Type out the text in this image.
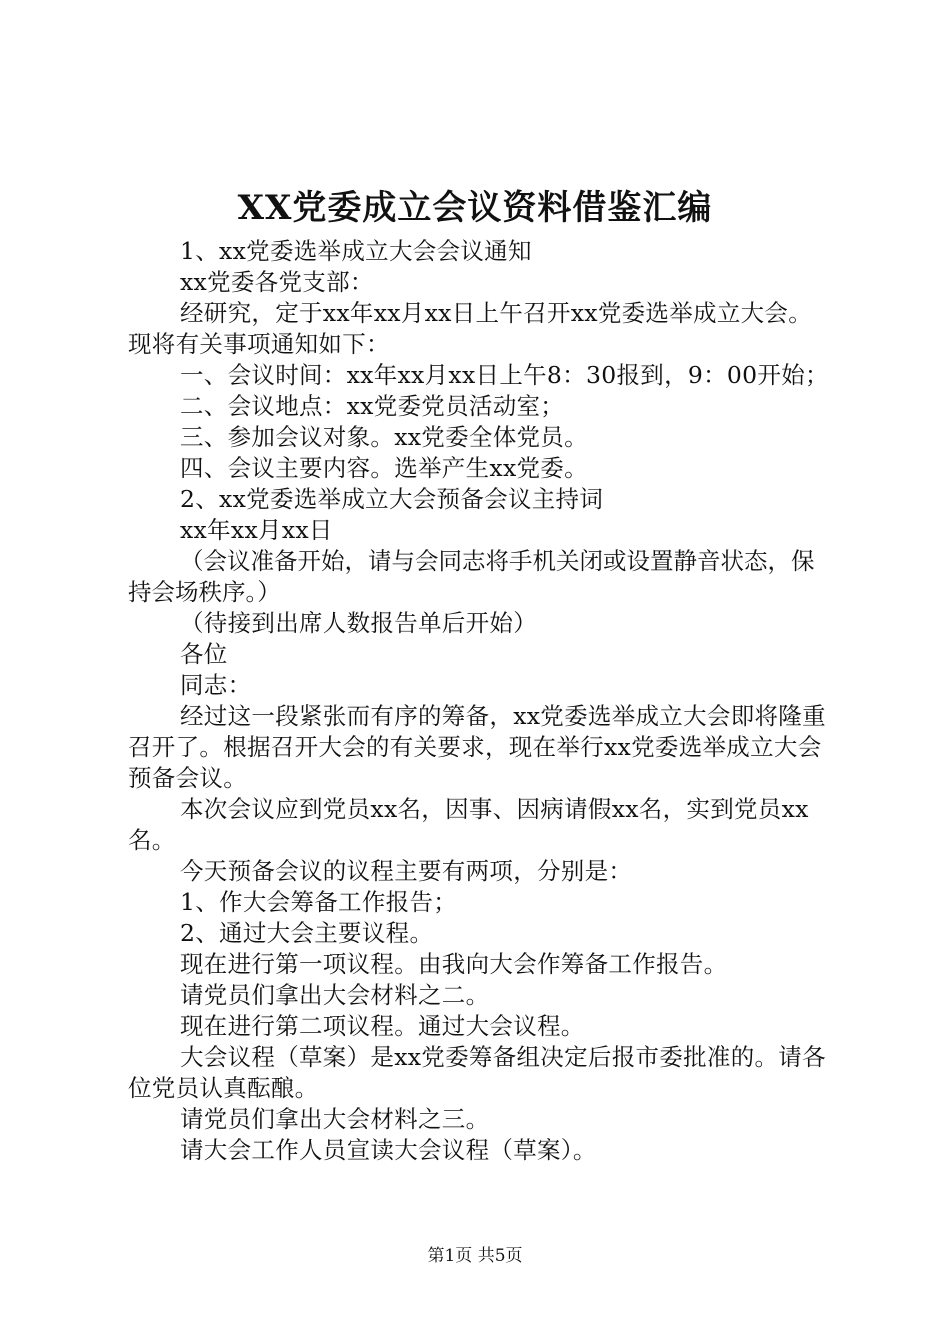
XX党委成立会议资料借鉴汇编

1、xx党委选举成立大会会议通知

xx党委各党支部：

经研究，定于xx年xx月xx日上午召开xx党委选举成立大会。现将有关事项通知如下：

一、会议时间：xx年xx月xx日上午8：30报到，9：00开始；

二、会议地点：xx党委党员活动室；

三、参加会议对象。xx党委全体党员。

四、会议主要内容。选举产生xx党委。

2、xx党委选举成立大会预备会议主持词

xx年xx月xx日

（会议准备开始，请与会同志将手机关闭或设置静音状态，保持会场秩序。）

（待接到出席人数报告单后开始）

各位

同志：

经过这一段紧张而有序的筹备，xx党委选举成立大会即将隆重召开了。根据召开大会的有关要求，现在举行xx党委选举成立大会预备会议。

本次会议应到党员xx名，因事、因病请假xx名，实到党员xx名。

今天预备会议的议程主要有两项，分别是：

1、作大会筹备工作报告；

2、通过大会主要议程。

现在进行第一项议程。由我向大会作筹备工作报告。

请党员们拿出大会材料之二。

现在进行第二项议程。通过大会议程。

大会议程（草案）是xx党委筹备组决定后报市委批准的。请各位党员认真酝酿。

请党员们拿出大会材料之三。

请大会工作人员宣读大会议程（草案）。

第1页 共5页
